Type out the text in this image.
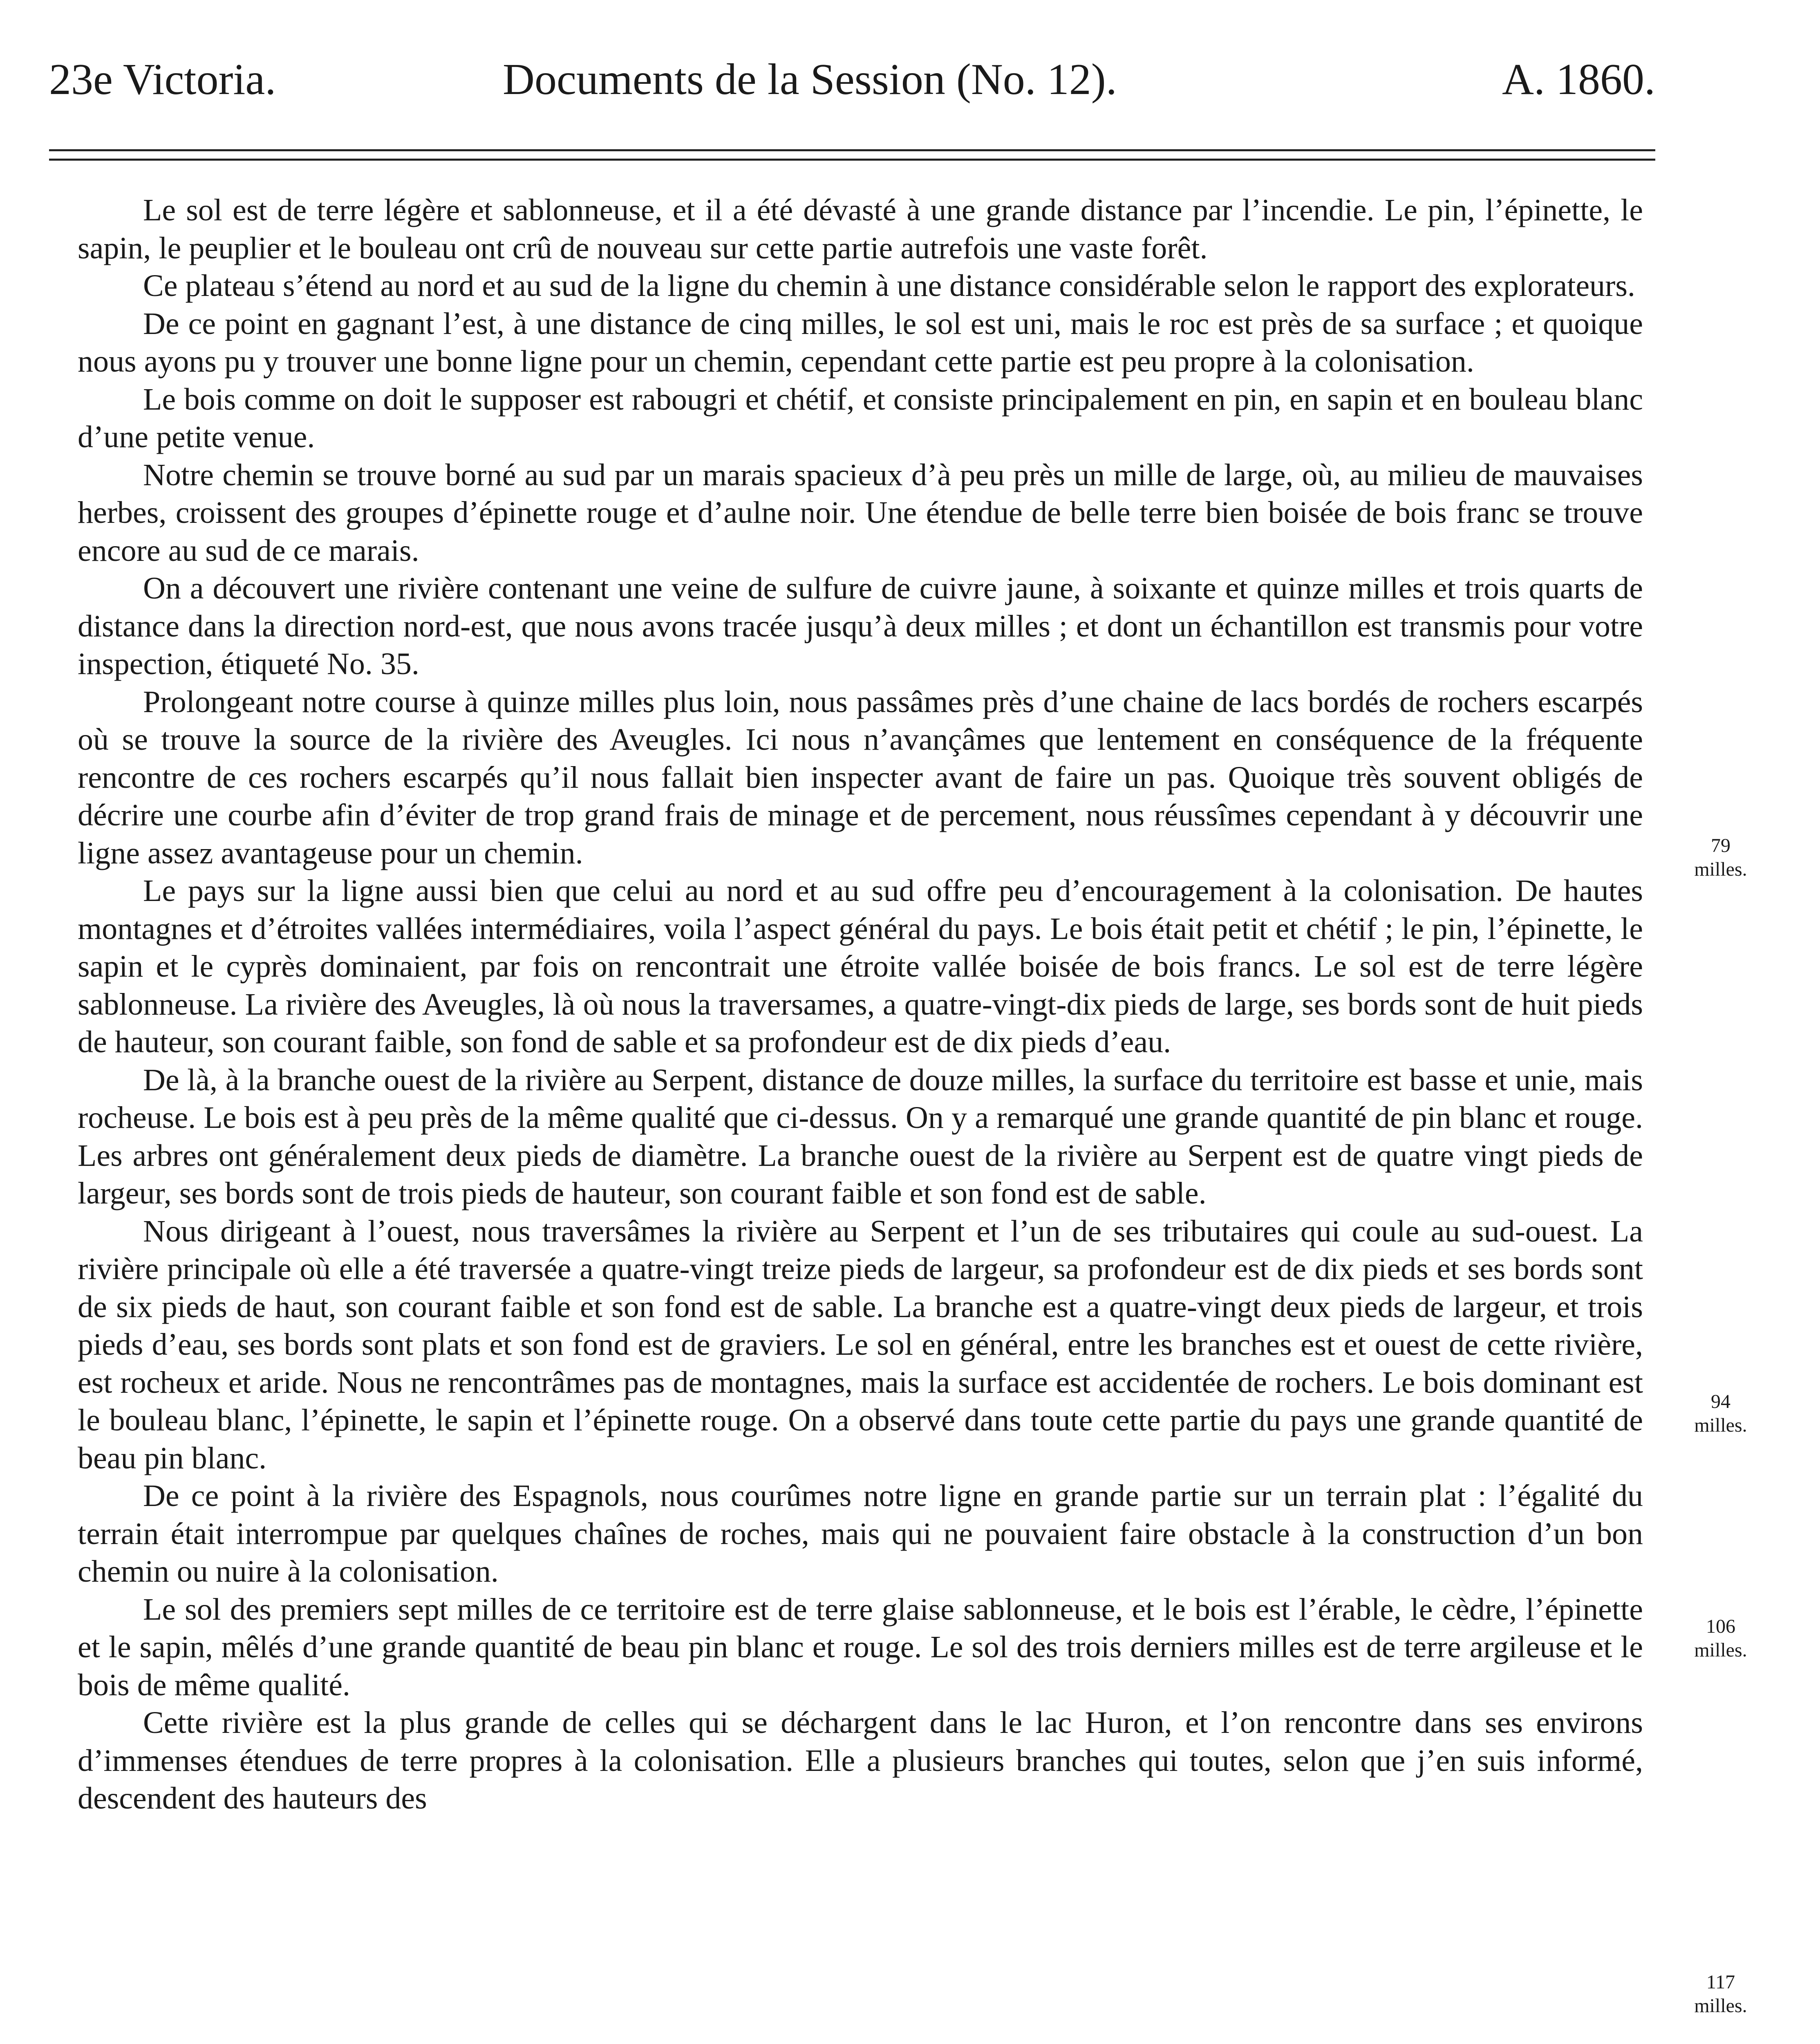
23e Victoria.	Documents de la Session (No. 12).	A. 1860.

Le sol est de terre légère et sablonneuse, et il a été dévasté à une grande distance par l’incendie. Le pin, l’épinette, le sapin, le peuplier et le bouleau ont crû de nouveau sur cette partie autrefois une vaste forêt.

Ce plateau s’étend au nord et au sud de la ligne du chemin à une distance considérable selon le rapport des explorateurs.

De ce point en gagnant l’est, à une distance de cinq milles, le sol est uni, mais le roc est près de sa surface ; et quoique nous ayons pu y trouver une bonne ligne pour un chemin, cependant cette partie est peu propre à la colonisation.

Le bois comme on doit le supposer est rabougri et chétif, et consiste principalement en pin, en sapin et en bouleau blanc d’une petite venue.

Notre chemin se trouve borné au sud par un marais spacieux d’à peu près un mille de large, où, au milieu de mauvaises herbes, croissent des groupes d’épinette rouge et d’aulne noir. Une étendue de belle terre bien boisée de bois franc se trouve encore au sud de ce marais.

On a découvert une rivière contenant une veine de sulfure de cuivre jaune, à soixante et quinze milles et trois quarts de distance dans la direction nord-est, que nous avons tracée jusqu’à deux milles ; et dont un échantillon est transmis pour votre inspection, étiqueté No. 35.

Prolongeant notre course à quinze milles plus loin, nous passâmes près d’une chaine de lacs bordés de rochers escarpés où se trouve la source de la rivière des Aveugles. Ici nous n’avançâmes que lentement en conséquence de la fréquente rencontre de ces rochers escarpés qu’il nous fallait bien inspecter avant de faire un pas. Quoique très souvent obligés de décrire une courbe afin d’éviter de trop grand frais de minage et de percement, nous réussîmes cependant à y découvrir une ligne assez avantageuse pour un chemin.

Le pays sur la ligne aussi bien que celui au nord et au sud offre peu d’encouragement à la colonisation. De hautes montagnes et d’étroites vallées intermédiaires, voila l’aspect général du pays. Le bois était petit et chétif ; le pin, l’épinette, le sapin et le cyprès dominaient, par fois on rencontrait une étroite vallée boisée de bois francs. Le sol est de terre légère sablonneuse. La rivière des Aveugles, là où nous la traversames, a quatre-vingt-dix pieds de large, ses bords sont de huit pieds de hauteur, son courant faible, son fond de sable et sa profondeur est de dix pieds d’eau.

De là, à la branche ouest de la rivière au Serpent, distance de douze milles, la surface du territoire est basse et unie, mais rocheuse. Le bois est à peu près de la même qualité que ci-dessus. On y a remarqué une grande quantité de pin blanc et rouge. Les arbres ont généralement deux pieds de diamètre. La branche ouest de la rivière au Serpent est de quatre vingt pieds de largeur, ses bords sont de trois pieds de hauteur, son courant faible et son fond est de sable.

Nous dirigeant à l’ouest, nous traversâmes la rivière au Serpent et l’un de ses tributaires qui coule au sud-ouest. La rivière principale où elle a été traversée a quatre-vingt treize pieds de largeur, sa profondeur est de dix pieds et ses bords sont de six pieds de haut, son courant faible et son fond est de sable. La branche est a quatre-vingt deux pieds de largeur, et trois pieds d’eau, ses bords sont plats et son fond est de graviers. Le sol en général, entre les branches est et ouest de cette rivière, est rocheux et aride. Nous ne rencontrâmes pas de montagnes, mais la surface est accidentée de rochers. Le bois dominant est le bouleau blanc, l’épinette, le sapin et l’épinette rouge. On a observé dans toute cette partie du pays une grande quantité de beau pin blanc.

De ce point à la rivière des Espagnols, nous courûmes notre ligne en grande partie sur un terrain plat : l’égalité du terrain était interrompue par quelques chaînes de roches, mais qui ne pouvaient faire obstacle à la construction d’un bon chemin ou nuire à la colonisation.

Le sol des premiers sept milles de ce territoire est de terre glaise sablonneuse, et le bois est l’érable, le cèdre, l’épinette et le sapin, mêlés d’une grande quantité de beau pin blanc et rouge. Le sol des trois derniers milles est de terre argileuse et le bois de même qualité.

Cette rivière est la plus grande de celles qui se déchargent dans le lac Huron, et l’on rencontre dans ses environs d’immenses étendues de terre propres à la colonisation. Elle a plusieurs branches qui toutes, selon que j’en suis informé, descendent des hauteurs des

79
milles.
94
milles.
106
milles.
117
milles.
